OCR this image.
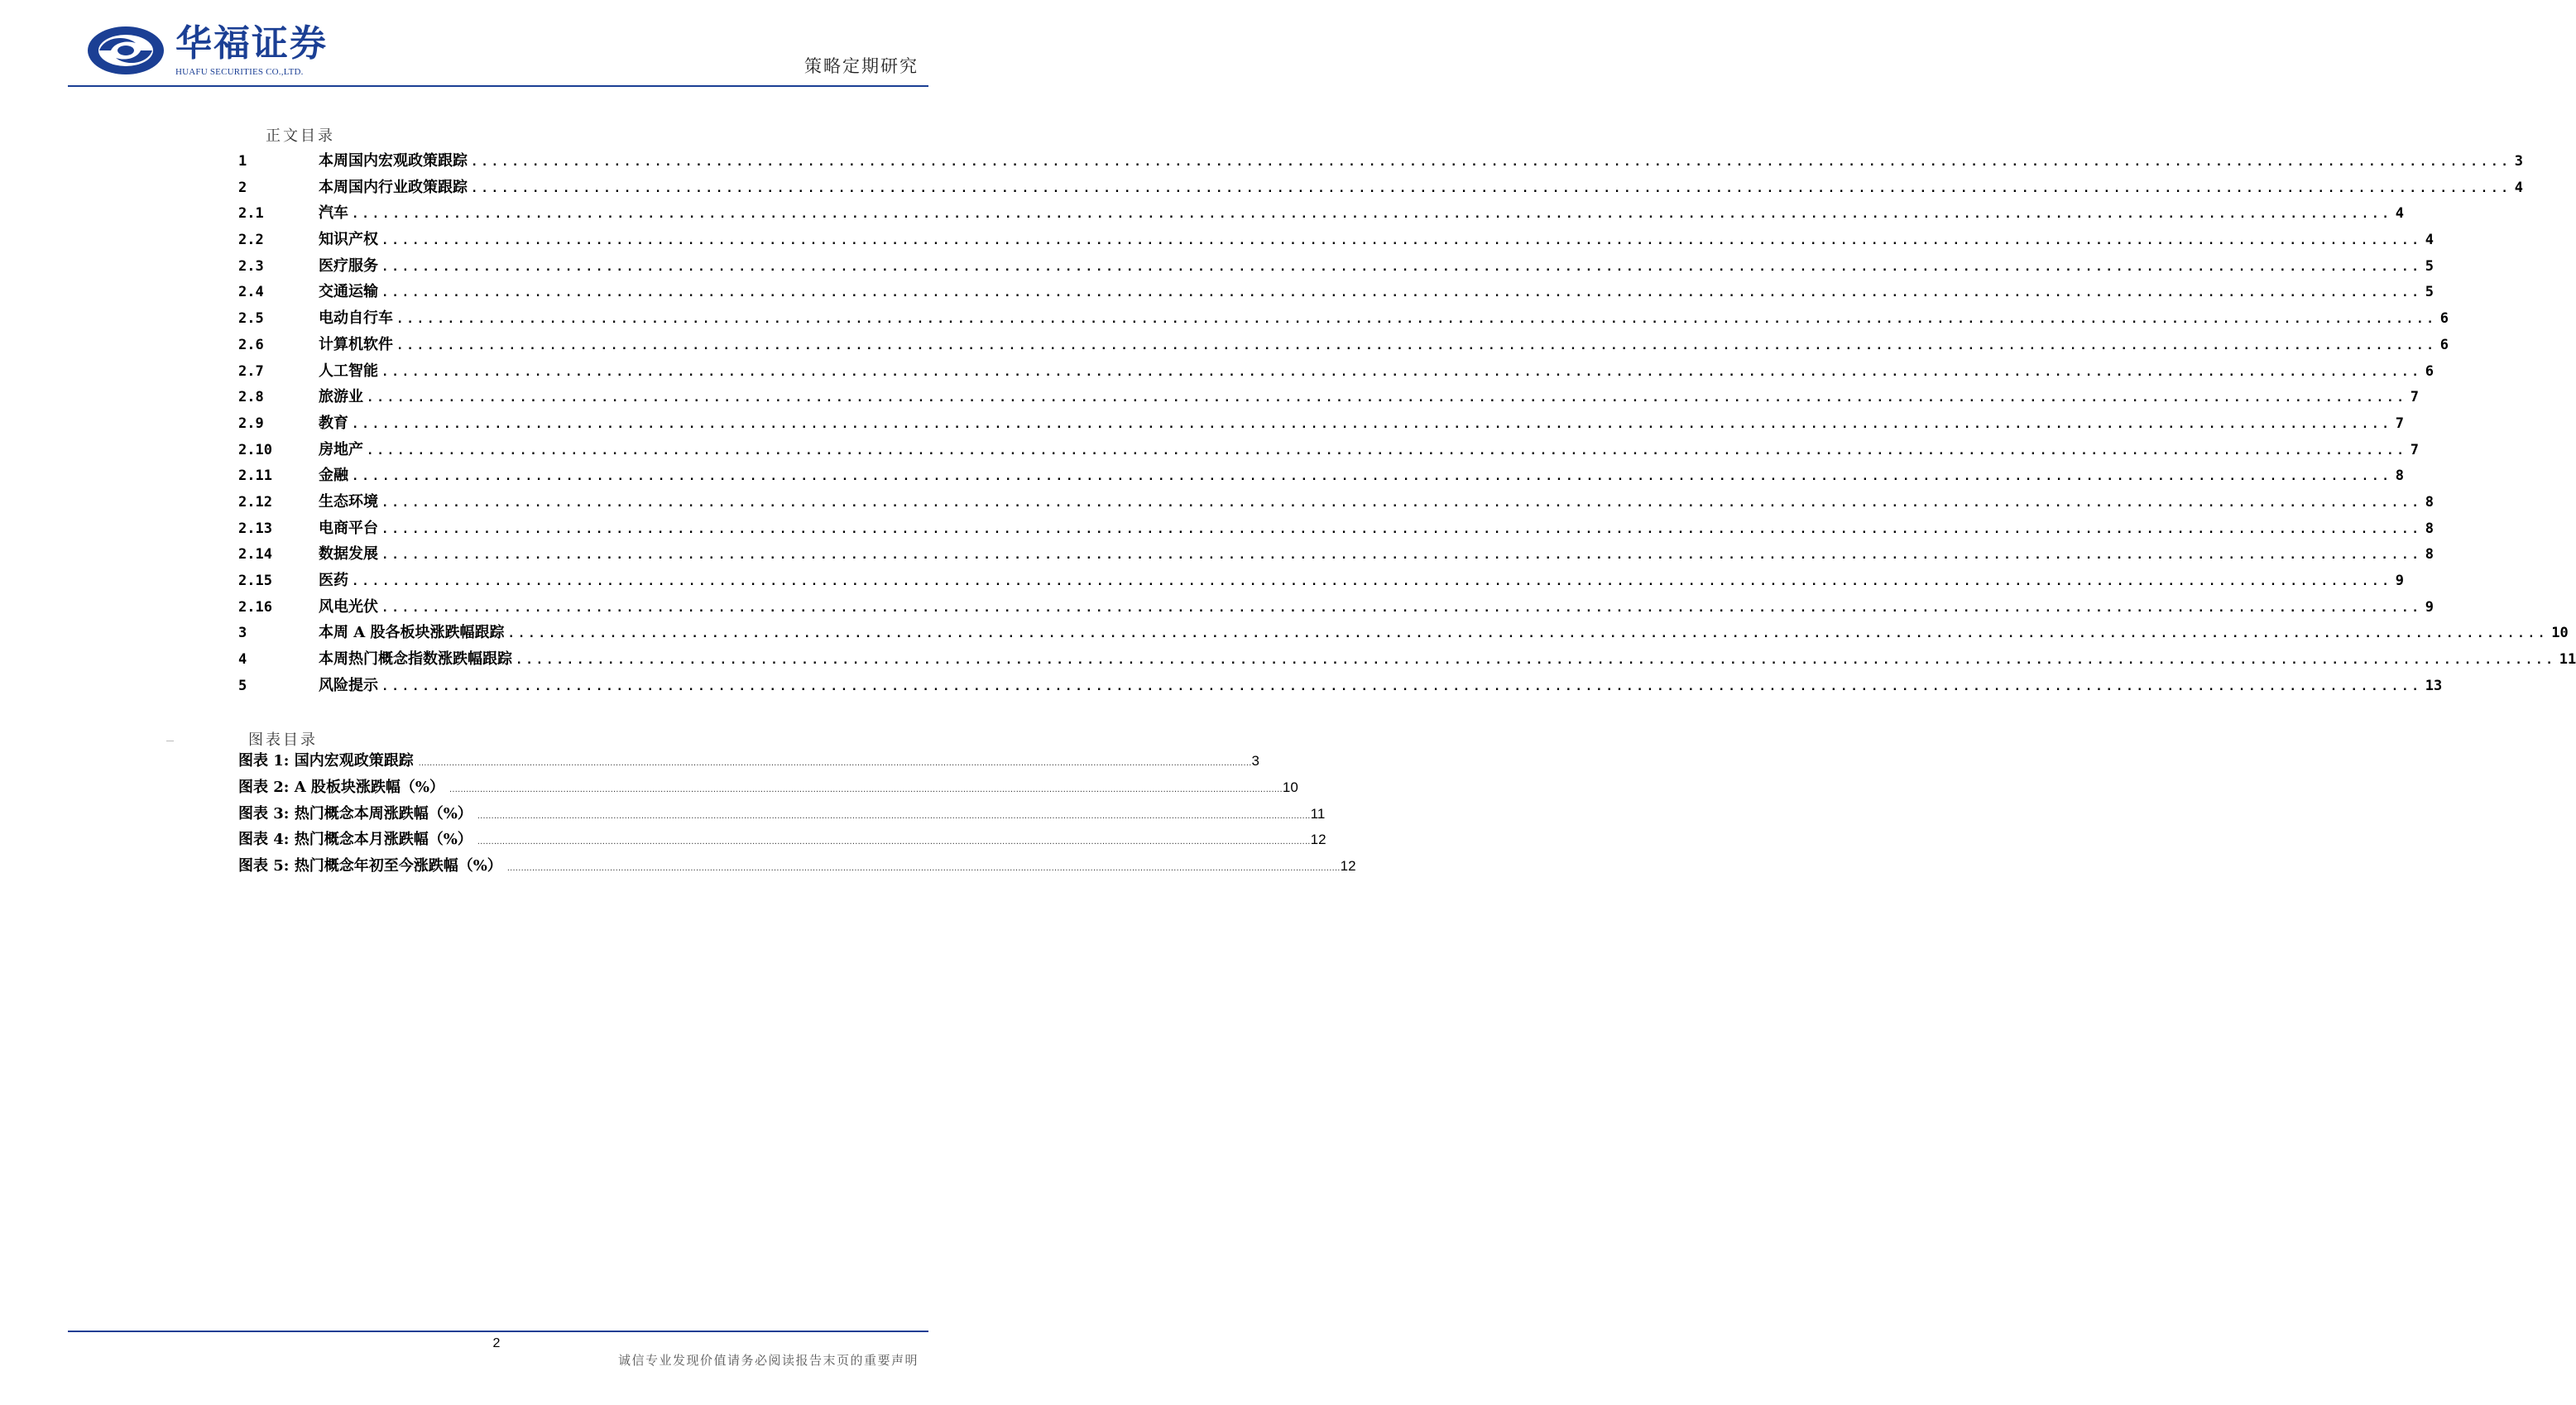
华福证券
HUAFU SECURITIES CO.,LTD.	策略定期研究
正文目录
1	本周国内宏观政策跟踪 ........................................................................................................................................................................................................ 3
2	本周国内行业政策跟踪 ........................................................................................................................................................................................................ 4
2.1	汽车 ........................................................................................................................................................................................................ 4
2.2	知识产权 ........................................................................................................................................................................................................ 4
2.3	医疗服务 ........................................................................................................................................................................................................ 5
2.4	交通运输 ........................................................................................................................................................................................................ 5
2.5	电动自行车 ........................................................................................................................................................................................................ 6
2.6	计算机软件 ........................................................................................................................................................................................................ 6
2.7	人工智能 ........................................................................................................................................................................................................ 6
2.8	旅游业 ........................................................................................................................................................................................................ 7
2.9	教育 ........................................................................................................................................................................................................ 7
2.10	房地产 ........................................................................................................................................................................................................ 7
2.11	金融 ........................................................................................................................................................................................................ 8
2.12	生态环境 ........................................................................................................................................................................................................ 8
2.13	电商平台 ........................................................................................................................................................................................................ 8
2.14	数据发展 ........................................................................................................................................................................................................ 8
2.15	医药 ........................................................................................................................................................................................................ 9
2.16	风电光伏 ........................................................................................................................................................................................................ 9
3	本周 A 股各板块涨跌幅跟踪 ........................................................................................................................................................................................................ 10
4	本周热门概念指数涨跌幅跟踪 ........................................................................................................................................................................................................ 11
5	风险提示 ........................................................................................................................................................................................................ 13
图表目录
图表 1: 国内宏观政策跟踪 ............................................................................................................................................................................................................................................................................................................ 3
图表 2: A 股板块涨跌幅（%） ............................................................................................................................................................................................................................................................................................................ 10
图表 3: 热门概念本周涨跌幅（%） ............................................................................................................................................................................................................................................................................................................ 11
图表 4: 热门概念本月涨跌幅（%） ............................................................................................................................................................................................................................................................................................................ 12
图表 5: 热门概念年初至今涨跌幅（%） ............................................................................................................................................................................................................................................................................................................ 12
2
诚信专业发现价值请务必阅读报告末页的重要声明
